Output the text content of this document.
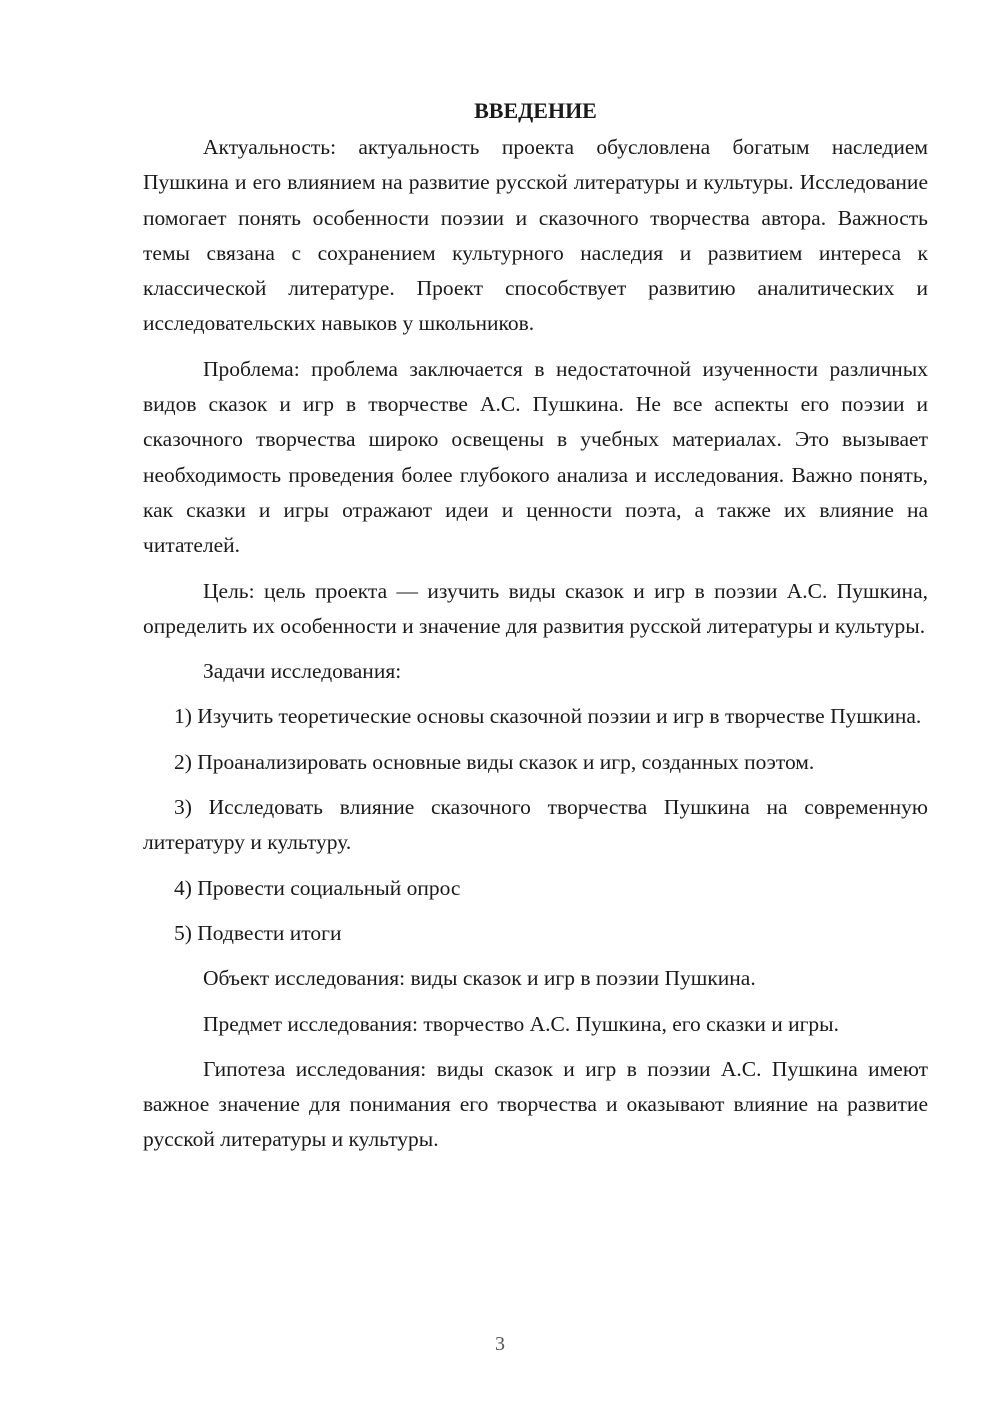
ВВЕДЕНИЕ

Актуальность: актуальность проекта обусловлена богатым наследием Пушкина и его влиянием на развитие русской литературы и культуры. Исследование помогает понять особенности поэзии и сказочного творчества автора. Важность темы связана с сохранением культурного наследия и развитием интереса к классической литературе. Проект способствует развитию аналитических и исследовательских навыков у школьников.

Проблема: проблема заключается в недостаточной изученности различных видов сказок и игр в творчестве А.С. Пушкина. Не все аспекты его поэзии и сказочного творчества широко освещены в учебных материалах. Это вызывает необходимость проведения более глубокого анализа и исследования. Важно понять, как сказки и игры отражают идеи и ценности поэта, а также их влияние на читателей.

Цель: цель проекта — изучить виды сказок и игр в поэзии А.С. Пушкина, определить их особенности и значение для развития русской литературы и культуры.

Задачи исследования:

1) Изучить теоретические основы сказочной поэзии и игр в творчестве Пушкина.

2) Проанализировать основные виды сказок и игр, созданных поэтом.

3) Исследовать влияние сказочного творчества Пушкина на современную литературу и культуру.

4) Провести социальный опрос

5) Подвести итоги

Объект исследования: виды сказок и игр в поэзии Пушкина.

Предмет исследования: творчество А.С. Пушкина, его сказки и игры.

Гипотеза исследования: виды сказок и игр в поэзии А.С. Пушкина имеют важное значение для понимания его творчества и оказывают влияние на развитие русской литературы и культуры.

3
